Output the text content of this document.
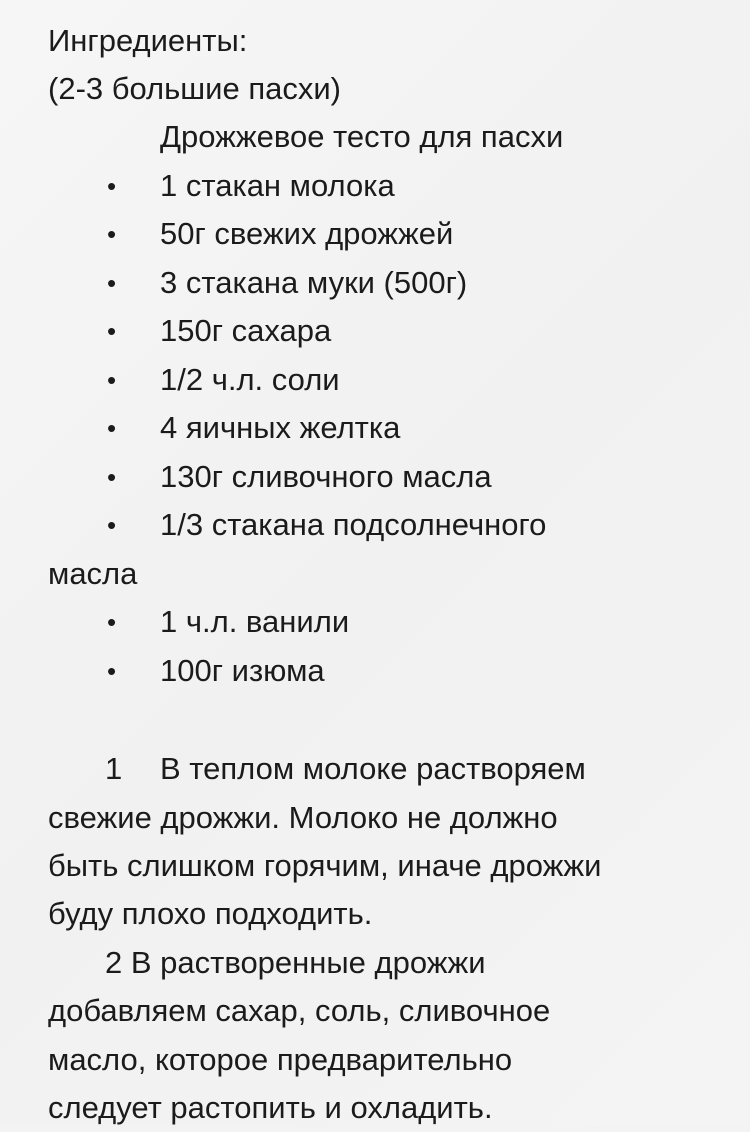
Ингредиенты:
(2-3 большие пасхи)
Дрожжевое тесто для пасхи
• 1 стакан молока
• 50г свежих дрожжей
• 3 стакана муки (500г)
• 150г сахара
• 1/2 ч.л. соли
• 4 яичных желтка
• 130г сливочного масла
• 1/3 стакана подсолнечного
масла
• 1 ч.л. ванили
• 100г изюма
1 В теплом молоке растворяем
свежие дрожжи. Молоко не должно
быть слишком горячим, иначе дрожжи
буду плохо подходить.
2 В растворенные дрожжи
добавляем сахар, соль, сливочное
масло, которое предварительно
следует растопить и охладить.
